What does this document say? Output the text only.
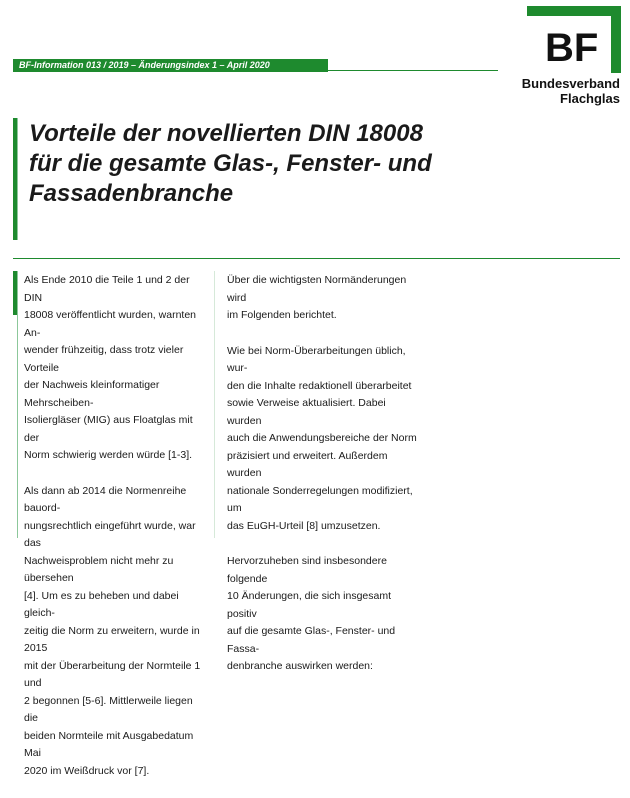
BF-Information 013 / 2019 – Änderungsindex 1 – April 2020	BF
Bundesverband
Flachglas
Vorteile der novellierten DIN 18008
für die gesamte Glas-, Fenster- und
Fassadenbranche

Als Ende 2010 die Teile 1 und 2 der DIN
18008 veröffentlicht wurden, warnten An-
wender frühzeitig, dass trotz vieler Vorteile
der Nachweis kleinformatiger Mehrscheiben-
Isoliergläser (MIG) aus Floatglas mit der
Norm schwierig werden würde [1-3].

Als dann ab 2014 die Normenreihe bauord-
nungsrechtlich eingeführt wurde, war das
Nachweisproblem nicht mehr zu übersehen
[4]. Um es zu beheben und dabei gleich-
zeitig die Norm zu erweitern, wurde in 2015
mit der Überarbeitung der Normteile 1 und
2 begonnen [5-6]. Mittlerweile liegen die
beiden Normteile mit Ausgabedatum Mai
2020 im Weißdruck vor [7].

Über die wichtigsten Normänderungen wird
im Folgenden berichtet.

Wie bei Norm-Überarbeitungen üblich, wur-
den die Inhalte redaktionell überarbeitet
sowie Verweise aktualisiert. Dabei wurden
auch die Anwendungsbereiche der Norm
präzisiert und erweitert. Außerdem wurden
nationale Sonderregelungen modifiziert, um
das EuGH-Urteil [8] umzusetzen.

Hervorzuheben sind insbesondere folgende
10 Änderungen, die sich insgesamt positiv
auf die gesamte Glas-, Fenster- und Fassa-
denbranche auswirken werden:
